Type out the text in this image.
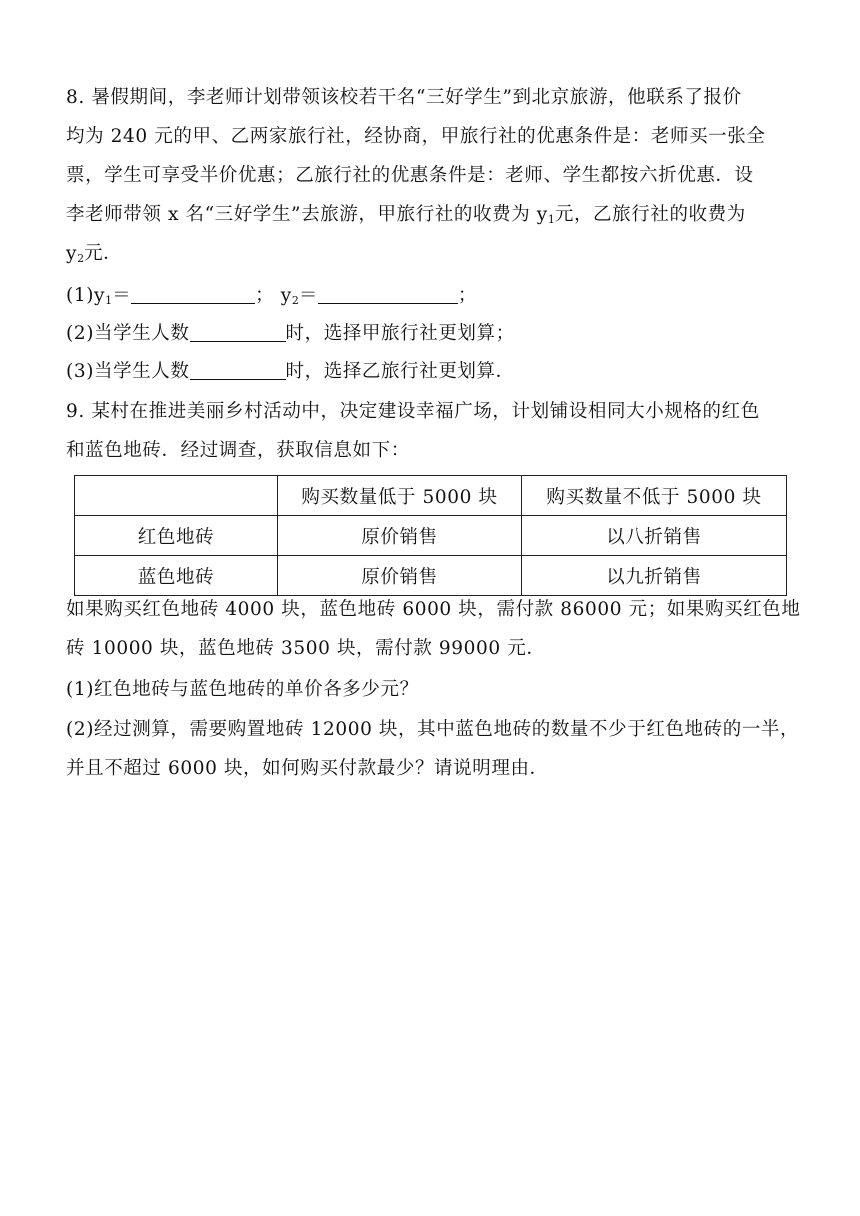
8. 暑假期间，李老师计划带领该校若干名“三好学生”到北京旅游，他联系了报价
均为 240 元的甲、乙两家旅行社，经协商，甲旅行社的优惠条件是：老师买一张全
票，学生可享受半价优惠；乙旅行社的优惠条件是：老师、学生都按六折优惠．设
李老师带领 x 名“三好学生”去旅游，甲旅行社的收费为 $y_1$元，乙旅行社的收费为
$y_2$元．
$(1)y_1=$	； $y_2=$	；
(2)当学生人数	时，选择甲旅行社更划算；
(3)当学生人数	时，选择乙旅行社更划算．
9. 某村在推进美丽乡村活动中，决定建设幸福广场，计划铺设相同大小规格的红色
和蓝色地砖．经过调查，获取信息如下：
	购买数量低于 5000 块	购买数量不低于 5000 块
红色地砖	原价销售	以八折销售
蓝色地砖	原价销售	以九折销售
如果购买红色地砖 4000 块，蓝色地砖 6000 块，需付款 86000 元；如果购买红色地
砖 10000 块，蓝色地砖 3500 块，需付款 99000 元．
(1)红色地砖与蓝色地砖的单价各多少元？
(2)经过测算，需要购置地砖 12000 块，其中蓝色地砖的数量不少于红色地砖的一半，
并且不超过 6000 块，如何购买付款最少？请说明理由．
